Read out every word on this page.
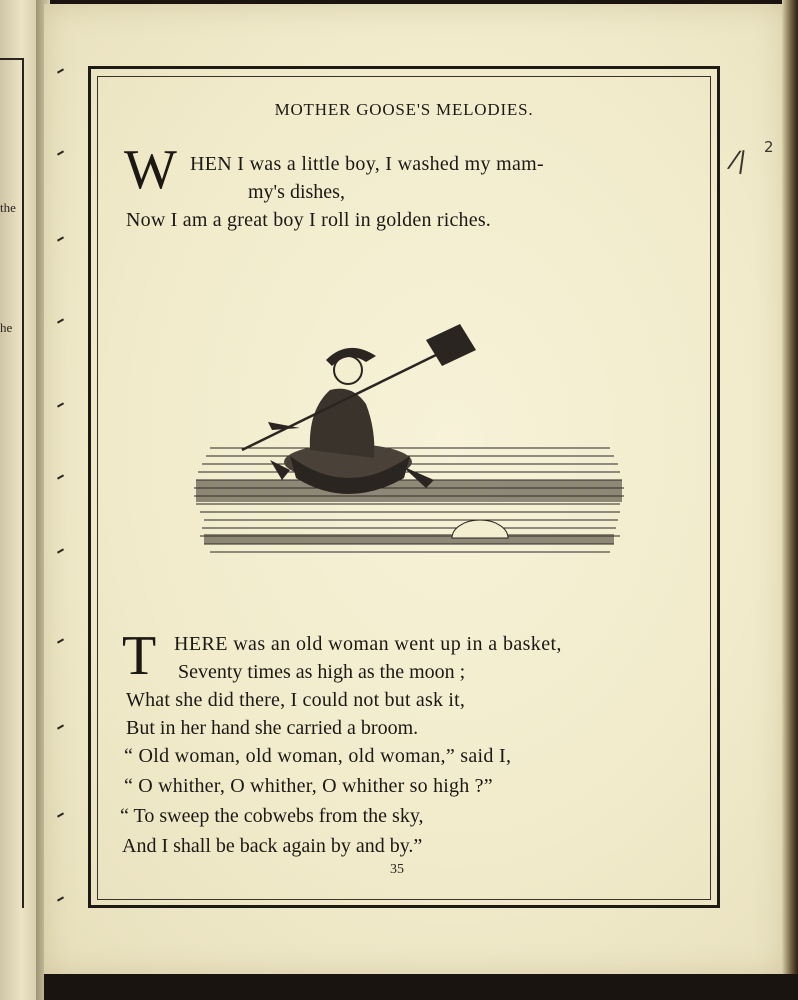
the
he
MOTHER GOOSE'S MELODIES.
W HEN I was a little boy, I washed my mam-
my's dishes,
Now I am a great boy I roll in golden riches.
T HERE was an old woman went up in a basket,
Seventy times as high as the moon ;
What she did there, I could not but ask it,
But in her hand she carried a broom.
“ Old woman, old woman, old woman,” said I,
“ O whither, O whither, O whither so high ?”
“ To sweep the cobwebs from the sky,
And I shall be back again by and by.”
35
/| 2
